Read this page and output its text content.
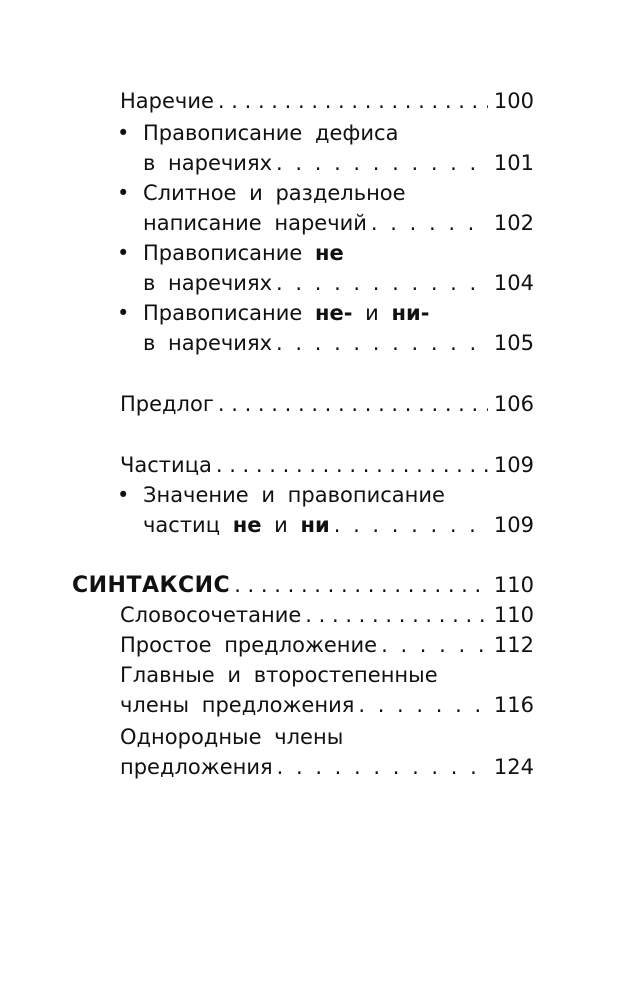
Наречие . . .	100
• Правописание дефиса
в наречиях . . .	101
• Слитное и раздельное
написание наречий . . .	102
• Правописание не
в наречиях . . .	104
• Правописание не- и ни-
в наречиях . . .	105
Предлог . . .	106
Частица . . .	109
• Значение и правописание
частиц не и ни . . .	109
СИНТАКСИС . . .	110
Словосочетание . . .	110
Простое предложение . . .	112
Главные и второстепенные
члены предложения . . .	116
Однородные члены
предложения . . .	124
